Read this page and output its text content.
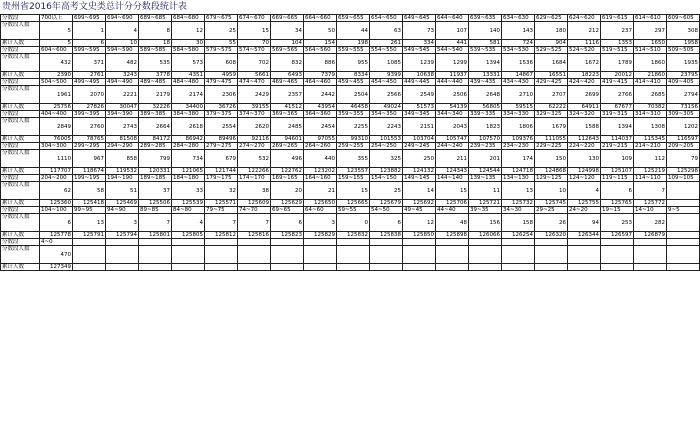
贵州省2016年高考文史类总计分分数段统计表
分数段	700以上	699~695	694~690	689~685	684~680	679~675	674~670	669~665	664~660	659~655	654~650	649~645	644~640	639~635	634~630	629~625	624~620	619~615	614~610	609~605
分数段人数	5	1	4	8	12	25	15	34	50	44	63	73	107	140	143	180	212	237	297	308
累计人数	5	6	10	18	30	55	70	104	154	198	261	334	441	581	724	904	1116	1353	1650	1958
分数段	604~600	599~595	594~590	589~585	584~580	579~575	574~570	569~565	564~560	559~555	554~550	549~545	544~540	539~535	534~530	529~525	524~520	519~515	514~510	509~505
分数段人数	432	371	482	535	573	608	702	832	886	955	1085	1239	1299	1394	1536	1684	1672	1789	1860	1935
累计人数	2390	2761	3243	3778	4351	4959	5661	6493	7379	8334	9399	10638	11937	13331	14867	16551	18223	20012	21860	23795
分数段	504~500	499~495	494~490	489~485	484~480	479~475	474~470	469~465	464~460	459~455	454~450	449~445	444~440	439~435	434~430	429~425	424~420	419~415	414~410	409~405
分数段人数	1961	2070	2221	2179	2174	2306	2429	2357	2442	2504	2566	2549	2506	2648	2710	2707	2699	2766	2685	2794
累计人数	25756	27826	30047	32226	34400	36726	39155	41512	43954	46458	49024	51573	54139	56805	59515	62222	64911	67677	70382	73156
分数段	404~400	399~395	394~390	389~385	384~380	379~375	374~370	369~365	364~360	359~355	354~350	349~345	344~340	339~335	334~330	329~325	324~320	319~315	314~310	309~305
分数段人数	2849	2760	2743	2664	2618	2554	2620	2485	2454	2255	2243	2151	2043	1823	1806	1679	1588	1394	1308	1202
累计人数	76005	78765	81508	84172	86942	89496	92116	94601	97055	99310	101553	103704	105747	107570	109376	111055	112643	114037	115345	116597
分数段	304~300	299~295	294~290	289~285	284~280	279~275	274~270	269~265	264~260	259~255	254~250	249~245	244~240	239~235	234~230	229~225	224~220	219~215	214~210	209~205
分数段人数	1110	967	858	799	734	679	532	496	440	355	325	250	211	201	174	150	130	109	112	79
累计人数	117707	118674	119532	120331	121065	121744	122266	122762	123202	123557	123882	124132	124343	124544	124718	124868	124998	125107	125219	125298
分数段	204~200	199~195	194~190	189~185	184~180	179~175	174~170	169~165	164~160	159~155	154~150	149~145	144~140	139~135	134~130	129~125	124~120	119~115	114~110	109~105
分数段人数	62	58	51	37	33	32	38	20	21	15	25	14	15	11	13	10	4	6	7	
累计人数	125360	125418	125469	125506	125539	125571	125609	125629	125650	125665	125679	125692	125706	125721	125732	125745	125755	125765	125772	
分数段	104~100	99~95	94~90	89~85	84~80	79~75	74~70	69~65	64~60	59~55	54~50	49~45	44~40	39~35	34~30	29~25	24~20	19~15	14~10	9~5
分数段人数	6	13	3	7	4	7	7	6	3	0	6	12	48	156	158	26	94	253	282	
累计人数	125778	125791	125794	125801	125805	125812	125816	125823	125829	125832	125838	125850	125898	126066	126254	126320	126344	126597	126879	
分数段	4~0																			
分数段人数	470																			
累计人数	127349																			
